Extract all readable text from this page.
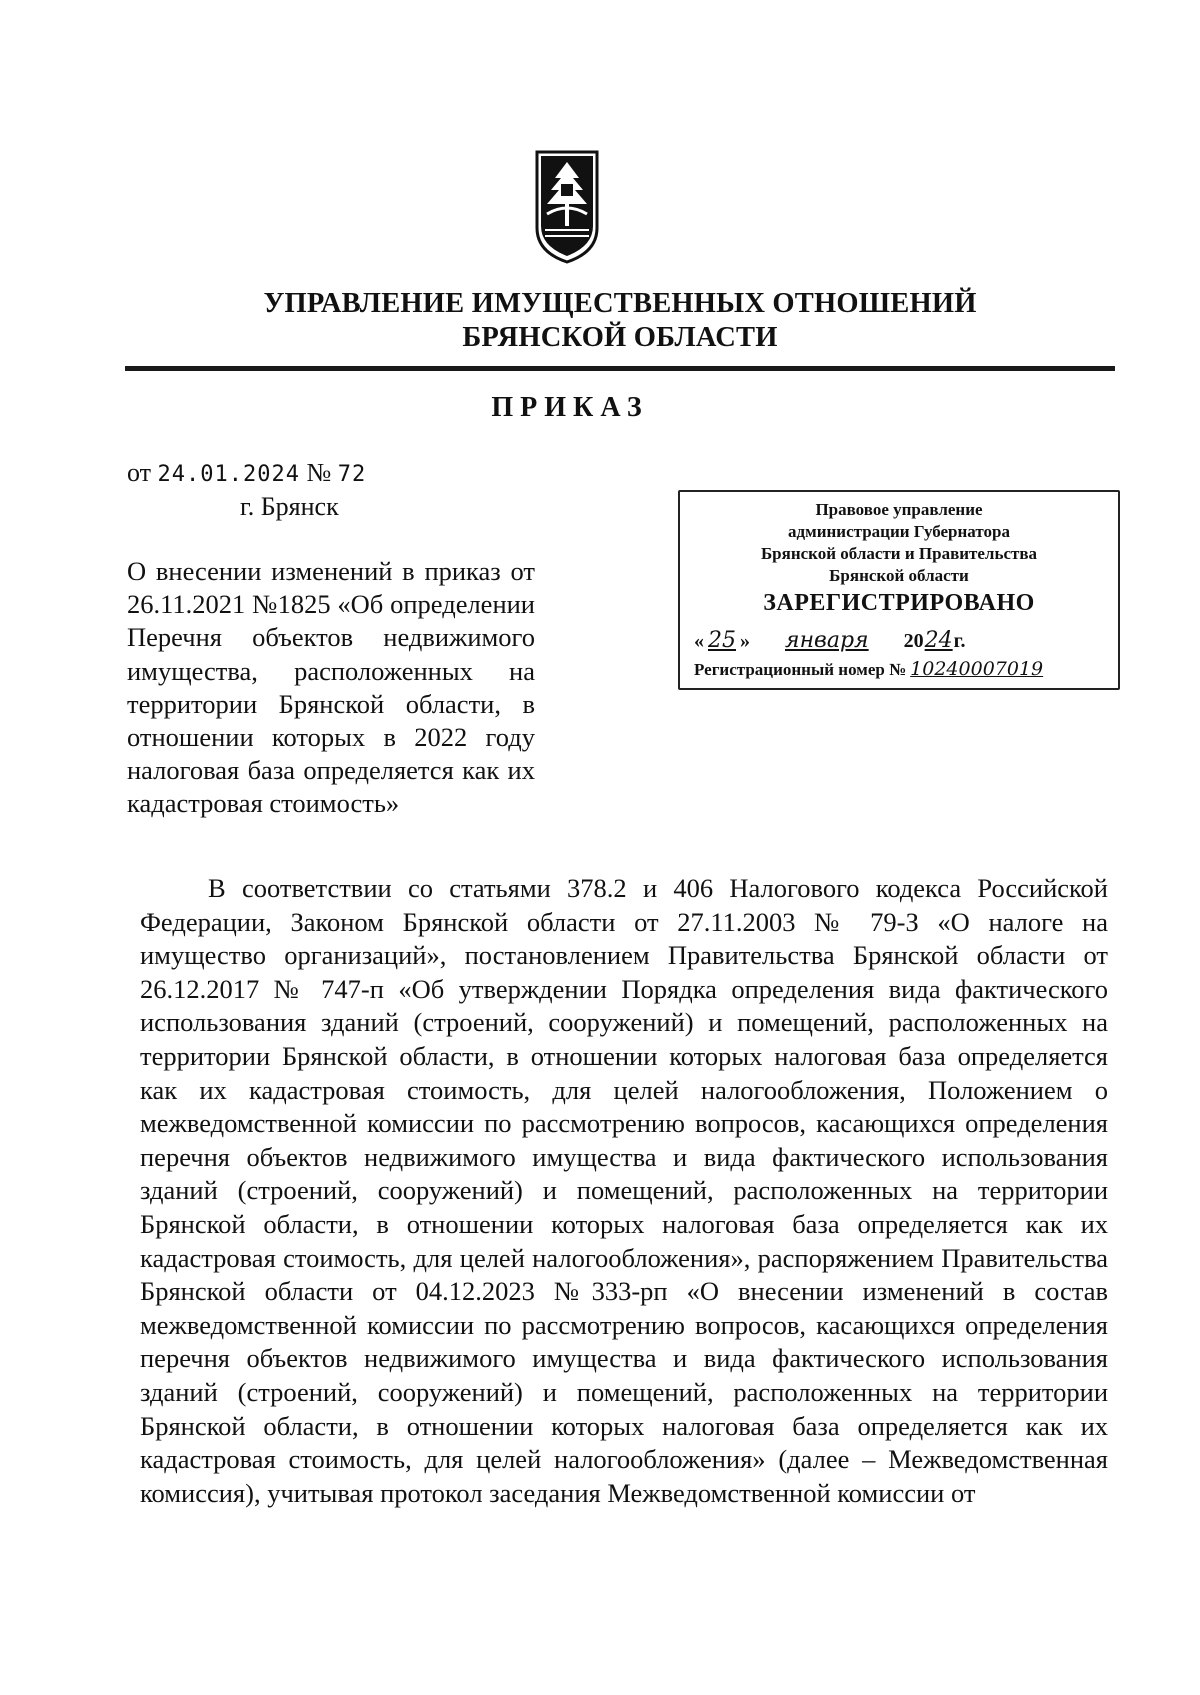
УПРАВЛЕНИЕ ИМУЩЕСТВЕННЫХ ОТНОШЕНИЙ
БРЯНСКОЙ ОБЛАСТИ
ПРИКАЗ
от 24.01.2024 № 72
г. Брянск
О внесении изменений в приказ от 26.11.2021 №1825 «Об определении Перечня объектов недвижимого имущества, расположенных на территории Брянской области, в отношении которых в 2022 году налоговая база определяется как их кадастровая стоимость»
Правовое управление
администрации Губернатора
Брянской области и Правительства
Брянской области
ЗАРЕГИСТРИРОВАНО
« 25 » января 2024г.
Регистрационный номер № 10240007019
В соответствии со статьями 378.2 и 406 Налогового кодекса Российской Федерации, Законом Брянской области от 27.11.2003 № 79-З «О налоге на имущество организаций», постановлением Правительства Брянской области от 26.12.2017 № 747-п «Об утверждении Порядка определения вида фактического использования зданий (строений, сооружений) и помещений, расположенных на территории Брянской области, в отношении которых налоговая база определяется как их кадастровая стоимость, для целей налогообложения, Положением о межведомственной комиссии по рассмотрению вопросов, касающихся определения перечня объектов недвижимого имущества и вида фактического использования зданий (строений, сооружений) и помещений, расположенных на территории Брянской области, в отношении которых налоговая база определяется как их кадастровая стоимость, для целей налогообложения», распоряжением Правительства Брянской области от 04.12.2023 №333-рп «О внесении изменений в состав межведомственной комиссии по рассмотрению вопросов, касающихся определения перечня объектов недвижимого имущества и вида фактического использования зданий (строений, сооружений) и помещений, расположенных на территории Брянской области, в отношении которых налоговая база определяется как их кадастровая стоимость, для целей налогообложения» (далее – Межведомственная комиссия), учитывая протокол заседания Межведомственной комиссии от
